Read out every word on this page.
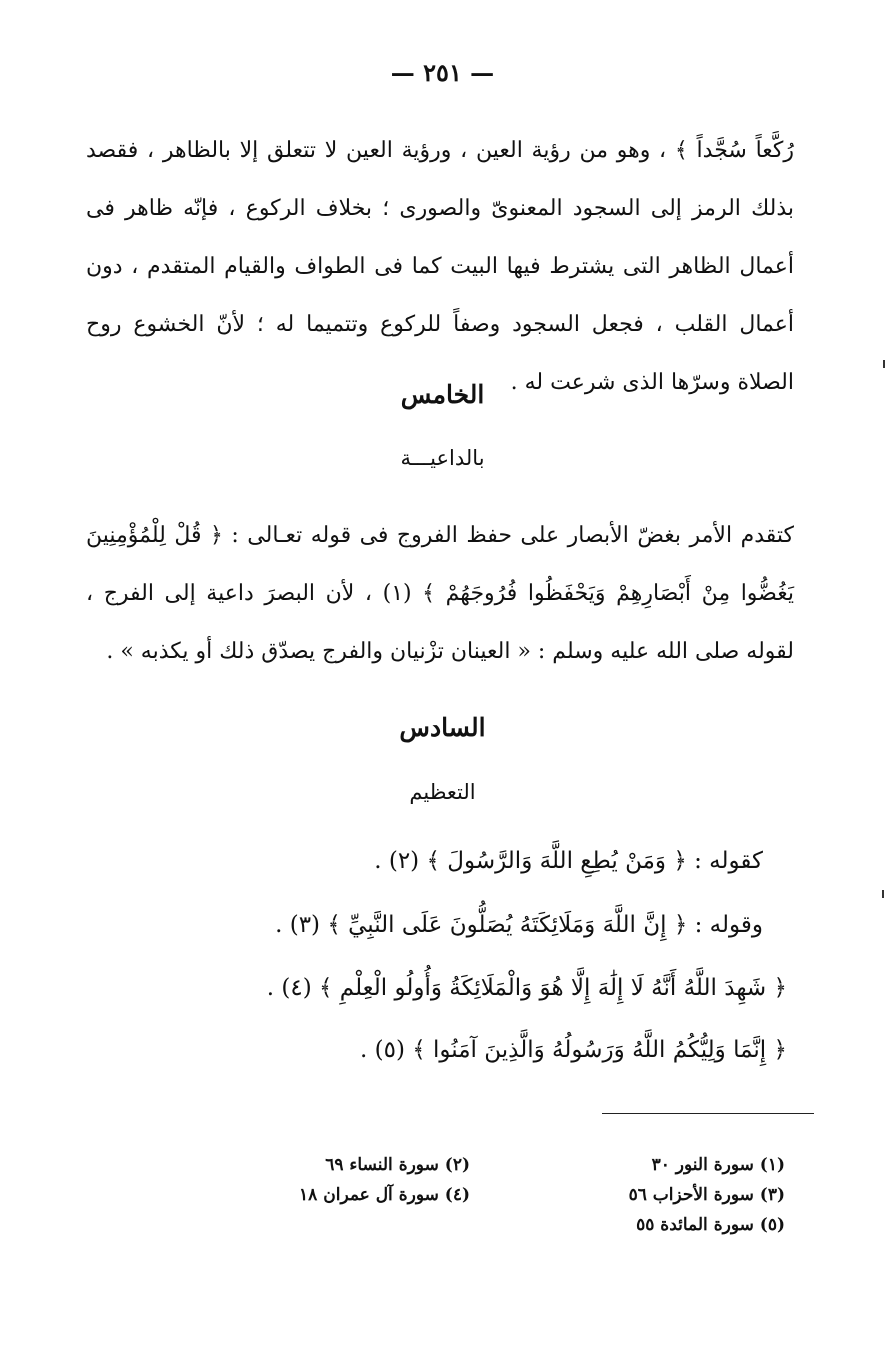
— ٢٥١ —
رُكَّعاً سُجَّداً ﴾ ، وهو من رؤية العين ، ورؤية العين لا تتعلق إلا بالظاهر ، فقصد بذلك الرمز إلى السجود المعنوىّ والصورى ؛ بخلاف الركوع ، فإنّه ظاهر فى أعمال الظاهر التى يشترط فيها البيت كما فى الطواف والقيام المتقدم ، دون أعمال القلب ، فجعل السجود وصفاً للركوع وتتميما له ؛ لأنّ الخشوع روح الصلاة وسرّها الذى شرعت له .
الخامس
بالداعيـــة
كتقدم الأمر بغضّ الأبصار على حفظ الفروج فى قوله تعـالى : ﴿ قُلْ لِلْمُؤْمِنِينَ يَغُضُّوا مِنْ أَبْصَارِهِمْ وَيَحْفَظُوا فُرُوجَهُمْ ﴾ (١) ، لأن البصرَ داعية إلى الفرج ، لقوله صلى الله عليه وسلم : « العينان تزْنيان والفرج يصدّق ذلك أو يكذبه » .
السادس
التعظيم
كقوله : ﴿ وَمَنْ يُطِعِ اللَّهَ وَالرَّسُولَ ﴾ (٢) .
وقوله : ﴿ إِنَّ اللَّهَ وَمَلَائِكَتَهُ يُصَلُّونَ عَلَى النَّبِيِّ ﴾ (٣) .
﴿ شَهِدَ اللَّهُ أَنَّهُ لَا إِلَٰهَ إِلَّا هُوَ وَالْمَلَائِكَةُ وَأُولُو الْعِلْمِ ﴾ (٤) .
﴿ إِنَّمَا وَلِيُّكُمُ اللَّهُ وَرَسُولُهُ وَالَّذِينَ آمَنُوا ﴾ (٥) .
(١) سورة النور ٣٠
(٢) سورة النساء ٦٩
(٣) سورة الأحزاب ٥٦
(٤) سورة آل عمران ١٨
(٥) سورة المائدة ٥٥
